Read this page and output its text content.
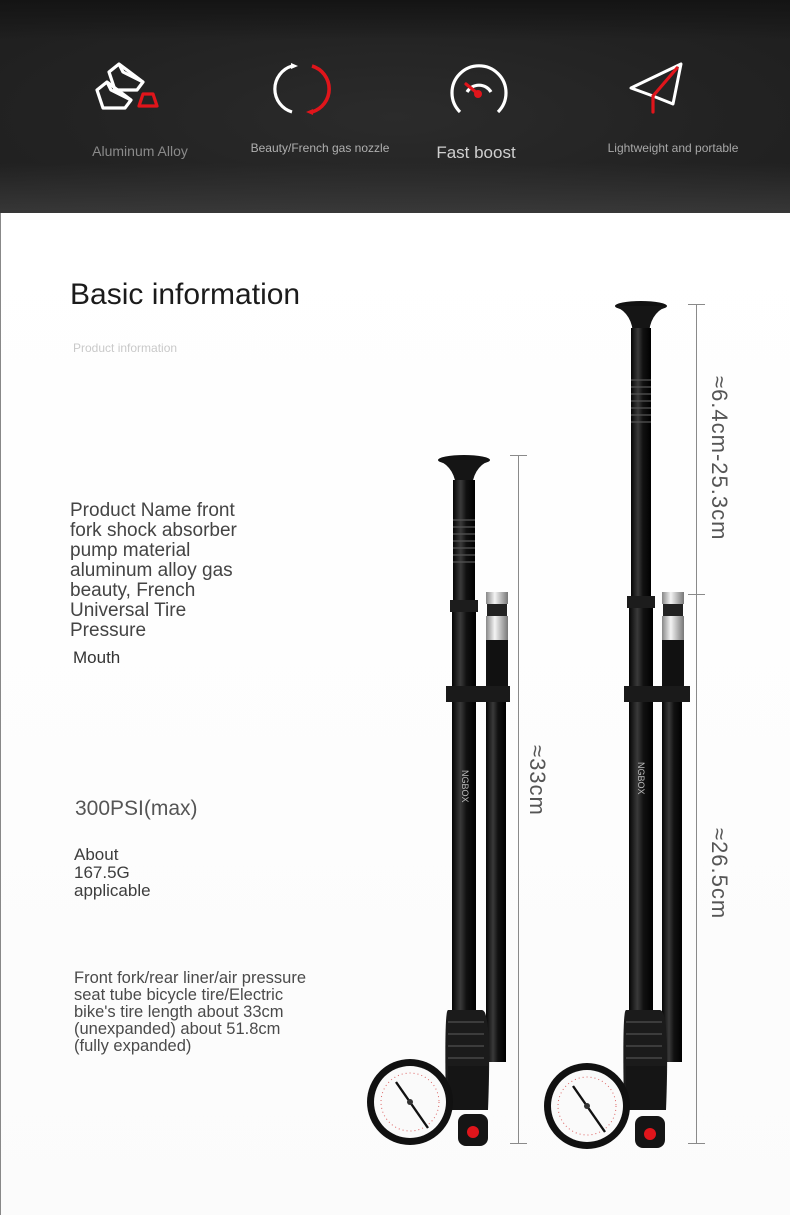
Aluminum Alloy	Beauty/French gas nozzle	Fast boost	Lightweight and portable
Basic information
Product information
Product Name front fork shock absorber pump material aluminum alloy gas beauty, French Universal Tire Pressure
Mouth
300PSI(max)
About
167.5G
applicable
Front fork/rear liner/air pressure seat tube bicycle tire/Electric bike's tire length about 33cm (unexpanded) about 51.8cm (fully expanded)
NGBOX	NGBOX
≈33cm
≈6.4cm-25.3cm
≈26.5cm
